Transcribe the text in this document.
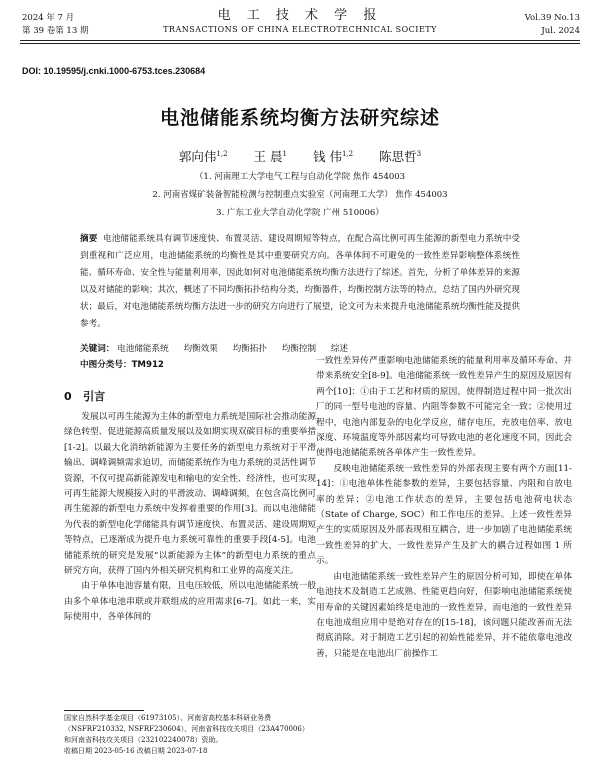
2024 年 7 月
第 39 卷第 13 期
电 工 技 术 学 报
TRANSACTIONS OF CHINA ELECTROTECHNICAL SOCIETY
Vol.39 No.13
Jul. 2024
DOI: 10.19595/j.cnki.1000-6753.tces.230684
电池储能系统均衡方法研究综述
郭向伟$^{1,2}$ 王 晨$^1$ 钱 伟$^{1,2}$ 陈思哲$^3$
（1. 河南理工大学电气工程与自动化学院 焦作 454003
2. 河南省煤矿装备智能检测与控制重点实验室（河南理工大学） 焦作 454003
3. 广东工业大学自动化学院 广州 510006）
摘要 电池储能系统具有调节速度快、布置灵活、建设周期短等特点，在配合高比例可再生能源的新型电力系统中受到重视和广泛应用，电池储能系统的均衡性是其中重要研究方向。各单体间不可避免的一致性差异影响整体系统性能、循环寿命、安全性与能量利用率，因此如何对电池储能系统均衡方法进行了综述。首先，分析了单体差异的来源以及对储能的影响；其次，概述了不同均衡拓扑结构分类，均衡器件，均衡控制方法等的特点，总结了国内外研究现状；最后，对电池储能系统均衡方法进一步的研究方向进行了展望，论文可为未来提升电池储能系统均衡性能及提供参考。
关键词： 电池储能系统 均衡效果 均衡拓扑 均衡控制 综述
中图分类号：TM912
0 引言

发展以可再生能源为主体的新型电力系统是国际社会推动能源绿色转型、促进能源高质量发展以及如期实现双碳目标的重要举措[1-2]。以最大化消纳新能源为主要任务的新型电力系统对于平滑输出、调峰调频需求迫切，而储能系统作为电力系统的灵活性调节资源，不仅可提高新能源发电和输电的安全性、经济性，也可实现可再生能源大规模接入时的平滑波动、调峰调频，在包含高比例可再生能源的新型电力系统中发挥着重要的作用[3]。而以电池储能为代表的新型电化学储能具有调节速度快、布置灵活、建设周期短等特点，已逐渐成为提升电力系统可靠性的重要手段[4-5]。电池储能系统的研究是发展“以新能源为主体”的新型电力系统的重点研究方向，获得了国内外相关研究机构和工业界的高度关注。

由于单体电池容量有限，且电压较低，所以电池储能系统一般由多个单体电池串联或并联组成的应用需求[6-7]。如此一来，实际使用中，各单体间的

一致性差异传严重影响电池储能系统的能量利用率及循环寿命、并带来系统安全[8-9]。电池储能系统一致性差异产生的原因及原因有两个[10]：①由于工艺和材质的原因，使得制造过程中同一批次出厂的同一型号电池的容量、内阻等参数不可能完全一致；②使用过程中，电池内部复杂的电化学反应，储存电压，充放电倍率、放电深度、环境温度等外部因素均可导致电池的老化速度不同，因此会使得电池储能系统各单体产生一致性差异。

反映电池储能系统一致性差异的外部表现主要有两个方面[11-14]：①电池单体性能参数的差异，主要包括容量、内阻和自放电率的差异；②电池工作状态的差异，主要包括电池荷电状态（State of Charge, SOC）和工作电压的差异。上述一致性差异产生的实质原因及外部表现相互耦合，进一步加剧了电池储能系统一致性差异的扩大，一致性差异产生及扩大的耦合过程如图 1 所示。

由电池储能系统一致性差异产生的原因分析可知，即使在单体电池技术及制造工艺成熟、性能更趋向好，但影响电池储能系统使用寿命的关键因素始终是电池的一致性差异，而电池的一致性差异在电池成组应用中是绝对存在的[15-18]，该问题只能改善而无法彻底消除。对于制造工艺引起的初始性能差异，并不能依靠电池改善，只能是在电池出厂前操作工

国家自然科学基金项目（61973105）、河南省高校基本科研业务费（NSFRF210332, NSFRF230604）、河南省科技攻关项目（23A470006）和河南省科技攻关项目（232102240078）资助。
收稿日期 2023-05-16 改稿日期 2023-07-18
